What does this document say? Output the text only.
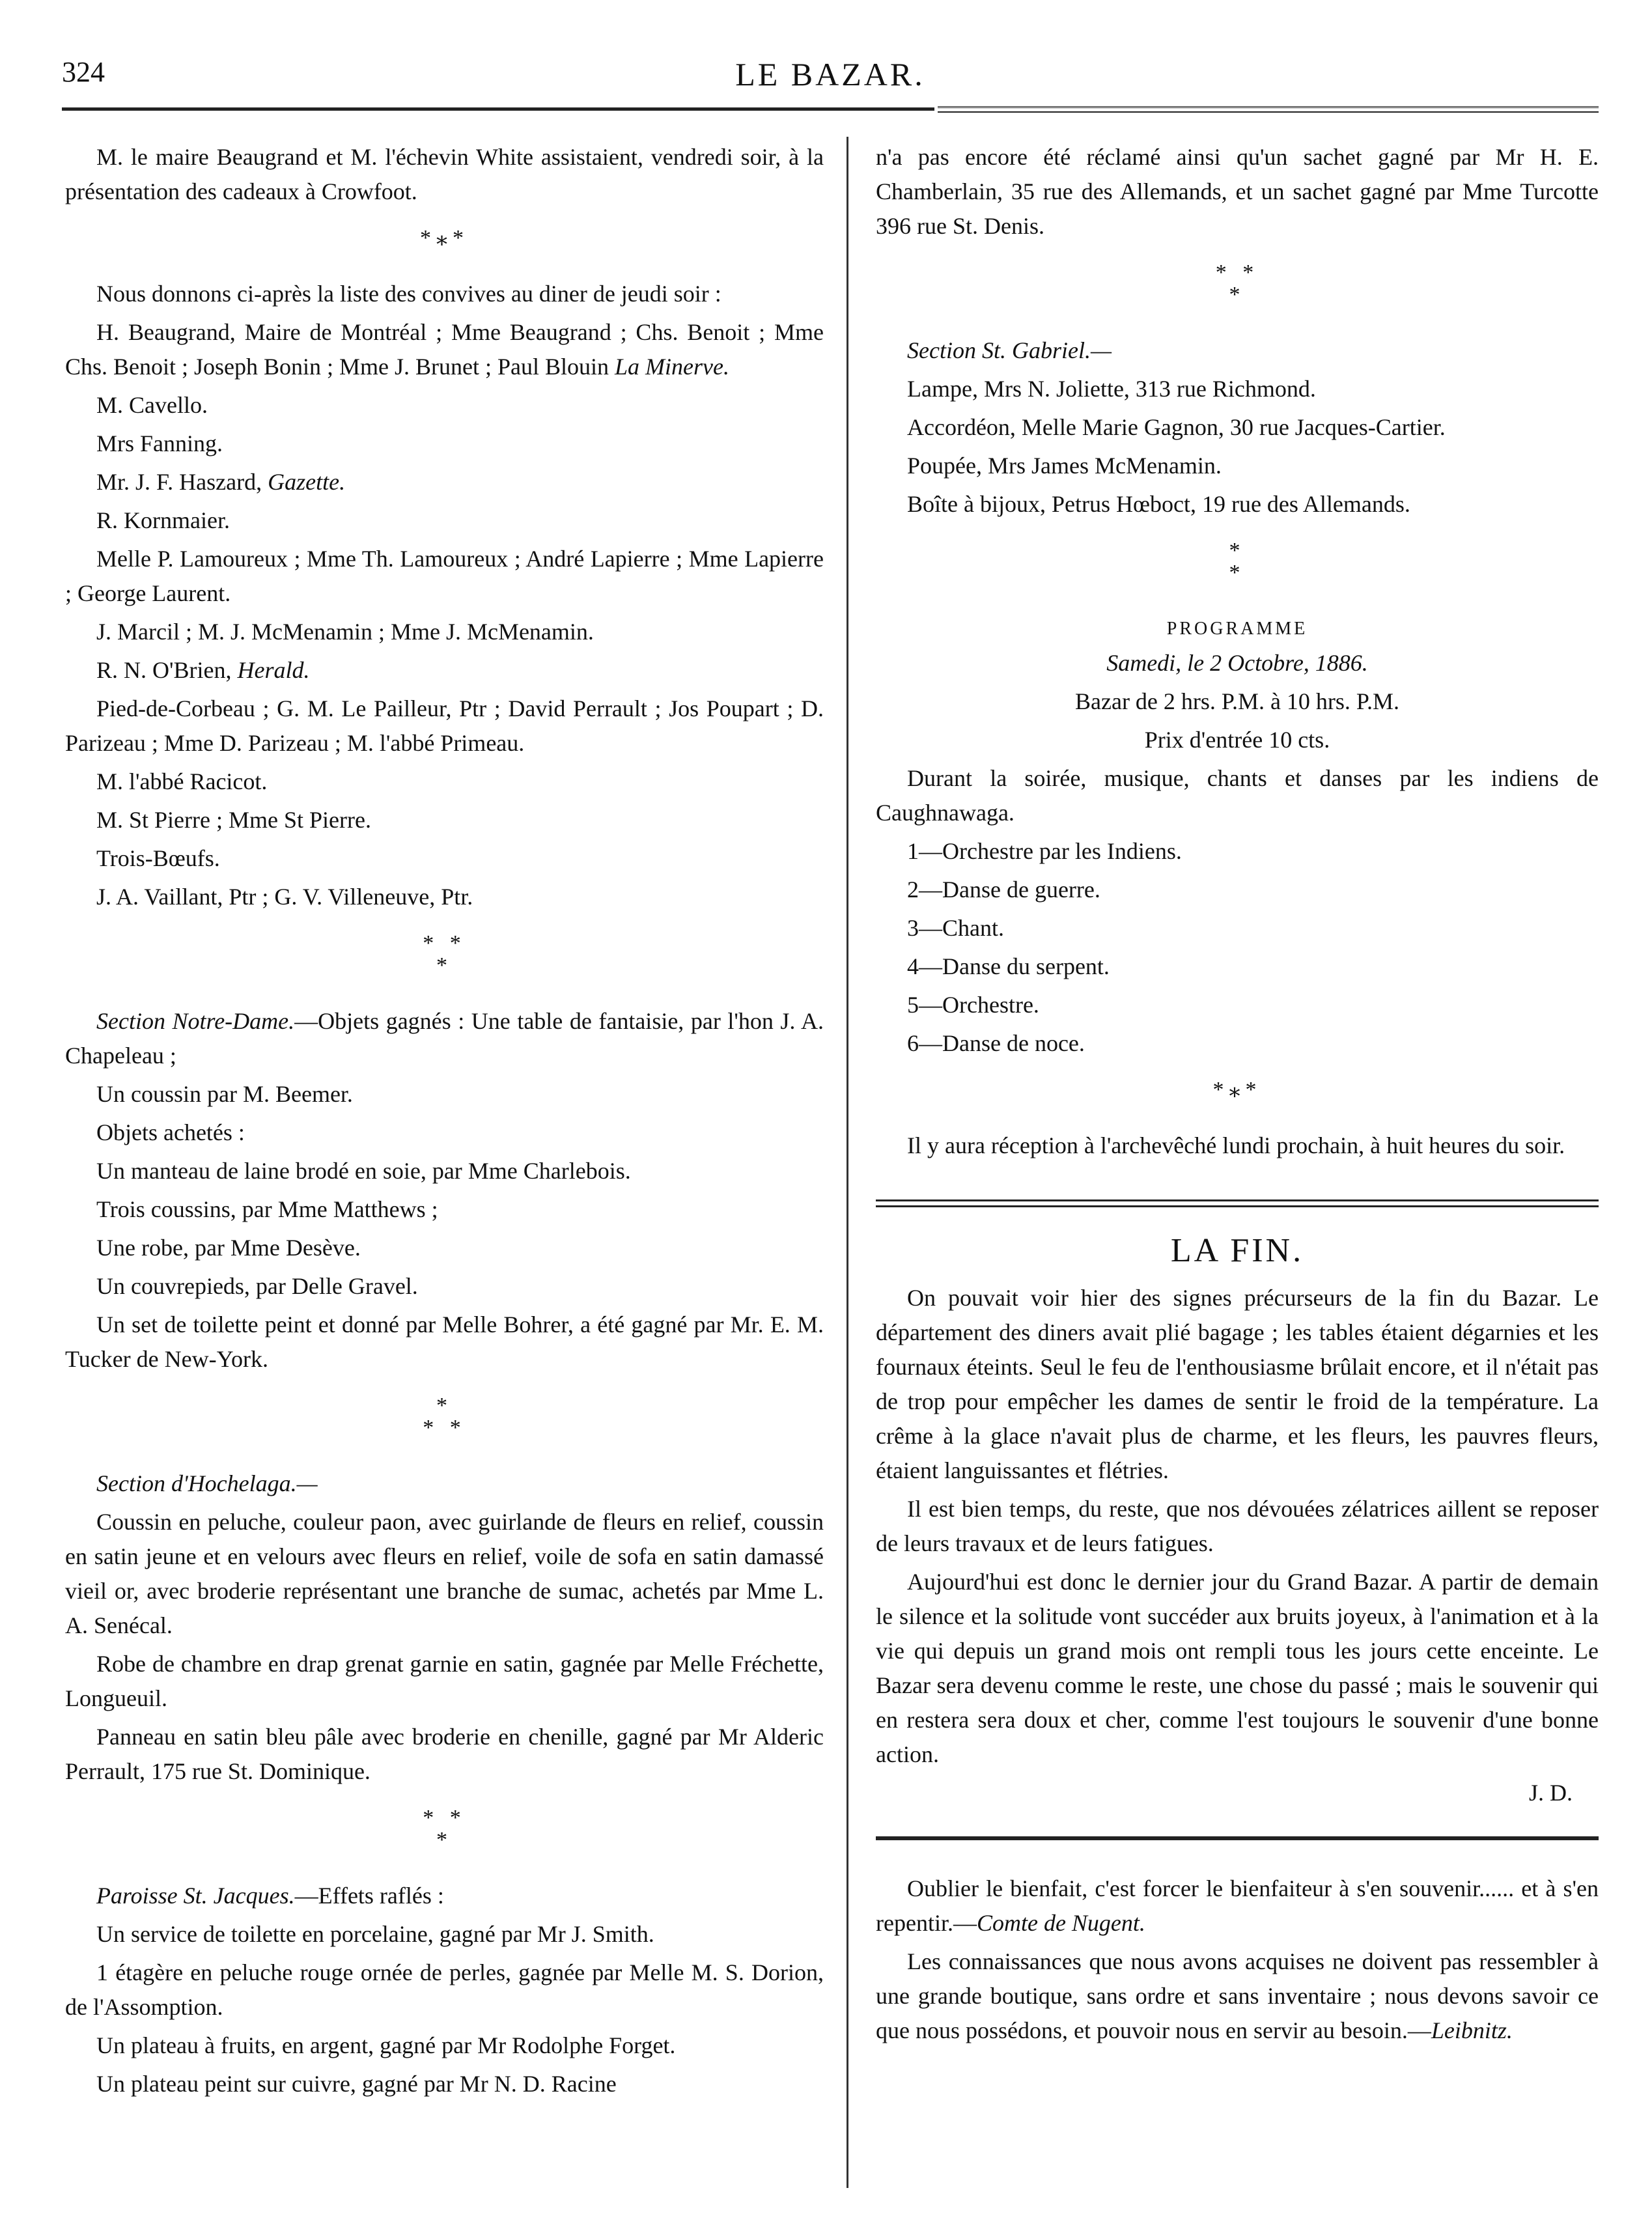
324	LE BAZAR.

M. le maire Beaugrand et M. l'échevin White assistaient, vendredi soir, à la présentation des cadeaux à Crowfoot.

*⁎*

Nous donnons ci-après la liste des convives au diner de jeudi soir :

H. Beaugrand, Maire de Montréal ; Mme Beaugrand ; Chs. Benoit ; Mme Chs. Benoit ; Joseph Bonin ; Mme J. Brunet ; Paul Blouin La Minerve.

M. Cavello.

Mrs Fanning.

Mr. J. F. Haszard, Gazette.

R. Kornmaier.

Melle P. Lamoureux ; Mme Th. Lamoureux ; André Lapierre ; Mme Lapierre ; George Laurent.

J. Marcil ; M. J. McMenamin ; Mme J. McMenamin.

R. N. O'Brien, Herald.

Pied-de-Corbeau ; G. M. Le Pailleur, Ptr ; David Perrault ; Jos Poupart ; D. Parizeau ; Mme D. Parizeau ; M. l'abbé Primeau.

M. l'abbé Racicot.

M. St Pierre ; Mme St Pierre.

Trois-Bœufs.

J. A. Vaillant, Ptr ; G. V. Villeneuve, Ptr.

* *
*

Section Notre-Dame.—Objets gagnés : Une table de fantaisie, par l'hon J. A. Chapeleau ;

Un coussin par M. Beemer.

Objets achetés :

Un manteau de laine brodé en soie, par Mme Charlebois.

Trois coussins, par Mme Matthews ;

Une robe, par Mme Desève.

Un couvrepieds, par Delle Gravel.

Un set de toilette peint et donné par Melle Bohrer, a été gagné par Mr. E. M. Tucker de New-York.

*
* *

Section d'Hochelaga.—

Coussin en peluche, couleur paon, avec guirlande de fleurs en relief, coussin en satin jeune et en velours avec fleurs en relief, voile de sofa en satin damassé vieil or, avec broderie représentant une branche de sumac, achetés par Mme L. A. Senécal.

Robe de chambre en drap grenat garnie en satin, gagnée par Melle Fréchette, Longueuil.

Panneau en satin bleu pâle avec broderie en chenille, gagné par Mr Alderic Perrault, 175 rue St. Dominique.

* *
*

Paroisse St. Jacques.—Effets raflés :

Un service de toilette en porcelaine, gagné par Mr J. Smith.

1 étagère en peluche rouge ornée de perles, gagnée par Melle M. S. Dorion, de l'Assomption.

Un plateau à fruits, en argent, gagné par Mr Rodolphe Forget.

Un plateau peint sur cuivre, gagné par Mr N. D. Racine

n'a pas encore été réclamé ainsi qu'un sachet gagné par Mr H. E. Chamberlain, 35 rue des Allemands, et un sachet gagné par Mme Turcotte 396 rue St. Denis.

* *
*

Section St. Gabriel.—

Lampe, Mrs N. Joliette, 313 rue Richmond.

Accordéon, Melle Marie Gagnon, 30 rue Jacques-Cartier.

Poupée, Mrs James McMenamin.

Boîte à bijoux, Petrus Hœboct, 19 rue des Allemands.

*
*
PROGRAMME

Samedi, le 2 Octobre, 1886.

Bazar de 2 hrs. P.M. à 10 hrs. P.M.

Prix d'entrée 10 cts.

Durant la soirée, musique, chants et danses par les indiens de Caughnawaga.

1—Orchestre par les Indiens.

2—Danse de guerre.

3—Chant.

4—Danse du serpent.

5—Orchestre.

6—Danse de noce.

*⁎*

Il y aura réception à l'archevêché lundi prochain, à huit heures du soir.

LA FIN.

On pouvait voir hier des signes précurseurs de la fin du Bazar. Le département des diners avait plié bagage ; les tables étaient dégarnies et les fournaux éteints. Seul le feu de l'enthousiasme brûlait encore, et il n'était pas de trop pour empêcher les dames de sentir le froid de la température. La crême à la glace n'avait plus de charme, et les fleurs, les pauvres fleurs, étaient languissantes et flétries.

Il est bien temps, du reste, que nos dévouées zélatrices aillent se reposer de leurs travaux et de leurs fatigues.

Aujourd'hui est donc le dernier jour du Grand Bazar. A partir de demain le silence et la solitude vont succéder aux bruits joyeux, à l'animation et à la vie qui depuis un grand mois ont rempli tous les jours cette enceinte. Le Bazar sera devenu comme le reste, une chose du passé ; mais le souvenir qui en restera sera doux et cher, comme l'est toujours le souvenir d'une bonne action.

J. D.

Oublier le bienfait, c'est forcer le bienfaiteur à s'en souvenir...... et à s'en repentir.—Comte de Nugent.

Les connaissances que nous avons acquises ne doivent pas ressembler à une grande boutique, sans ordre et sans inventaire ; nous devons savoir ce que nous possédons, et pouvoir nous en servir au besoin.—Leibnitz.
